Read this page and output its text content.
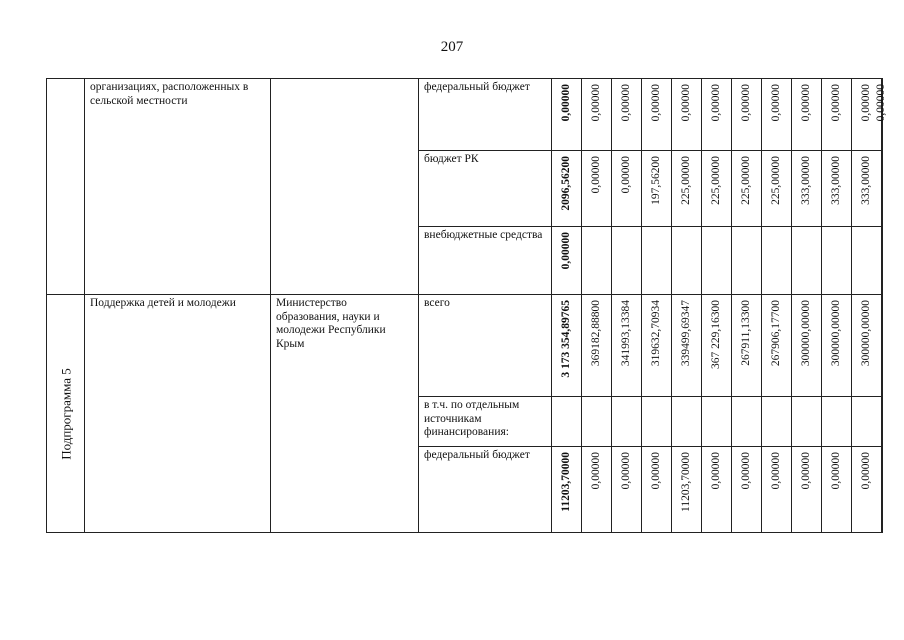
207

	организациях, расположенных в сельской местности		федеральный бюджет	0,00000	0,00000	0,00000	0,00000	0,00000	0,00000	0,00000	0,00000	0,00000	0,00000	0,00000	0,00000

			бюджет РК	2096,56200	0,00000	0,00000	197,56200	225,00000	225,00000	225,00000	225,00000	333,00000	333,00000	333,00000	

			внебюджетные средства	0,00000											

Подпрограмма 5	Поддержка детей и молодежи	Министерство образования, науки и молодежи Республики Крым	всего	3 173 354,89765	369182,88800	341993,13384	319632,70934	339499,69347	367 229,16300	267911,13300	267906,17700	300000,00000	300000,00000	300000,00000	

			в т.ч. по отдельным источникам финансирования:												

			федеральный бюджет	11203,70000	0,00000	0,00000	0,00000	11203,70000	0,00000	0,00000	0,00000	0,00000	0,00000	0,00000	
